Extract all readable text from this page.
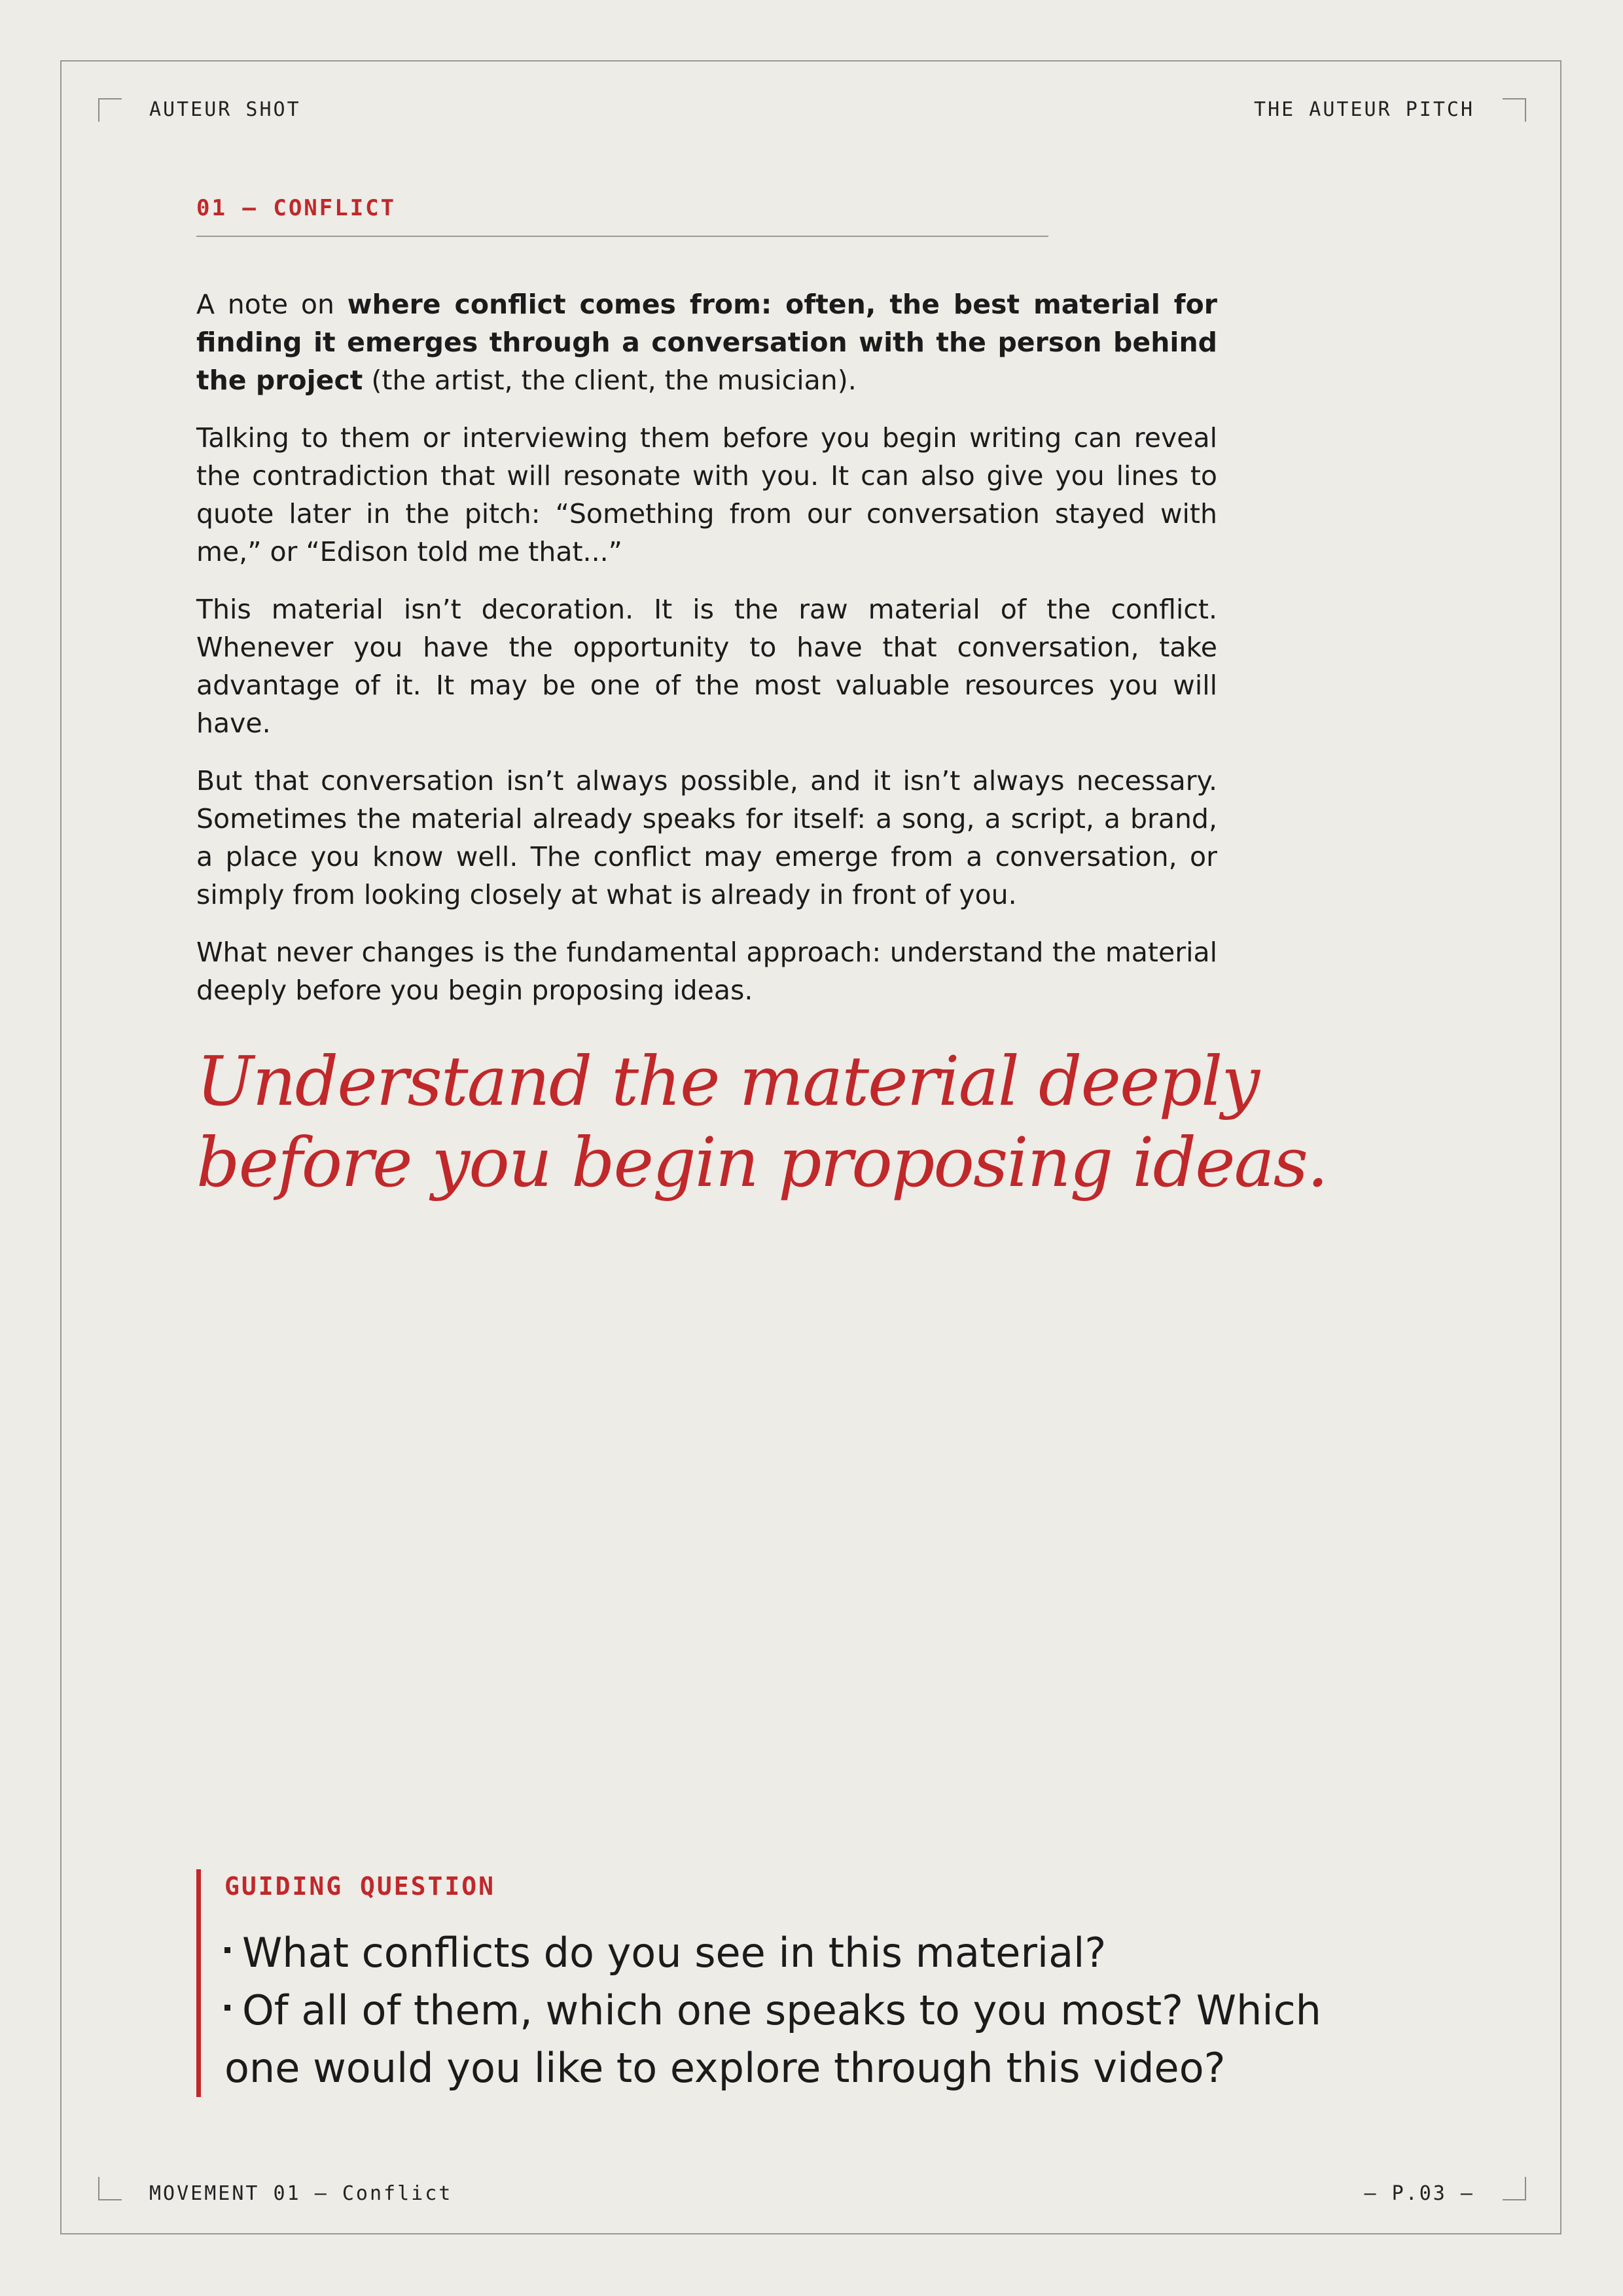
AUTEUR SHOT	THE AUTEUR PITCH
01 — CONFLICT

A note on where conflict comes from: often, the best material for finding it emerges through a conversation with the person behind the project (the artist, the client, the musician).

Talking to them or interviewing them before you begin writing can reveal the contradiction that will resonate with you. It can also give you lines to quote later in the pitch: “Something from our conversation stayed with me,” or “Edison told me that...”

This material isn’t decoration. It is the raw material of the conflict. Whenever you have the opportunity to have that conversation, take advantage of it. It may be one of the most valuable resources you will have.

But that conversation isn’t always possible, and it isn’t always necessary. Sometimes the material already speaks for itself: a song, a script, a brand, a place you know well. The conflict may emerge from a conversation, or simply from looking closely at what is already in front of you.

What never changes is the fundamental approach: understand the material deeply before you begin proposing ideas.

Understand the material deeply
before you begin proposing ideas.
GUIDING QUESTION

What conflicts do you see in this material?

Of all of them, which one speaks to you most? Which one would you like to explore through this video?

MOVEMENT 01 — Conflict	— P.03 —
